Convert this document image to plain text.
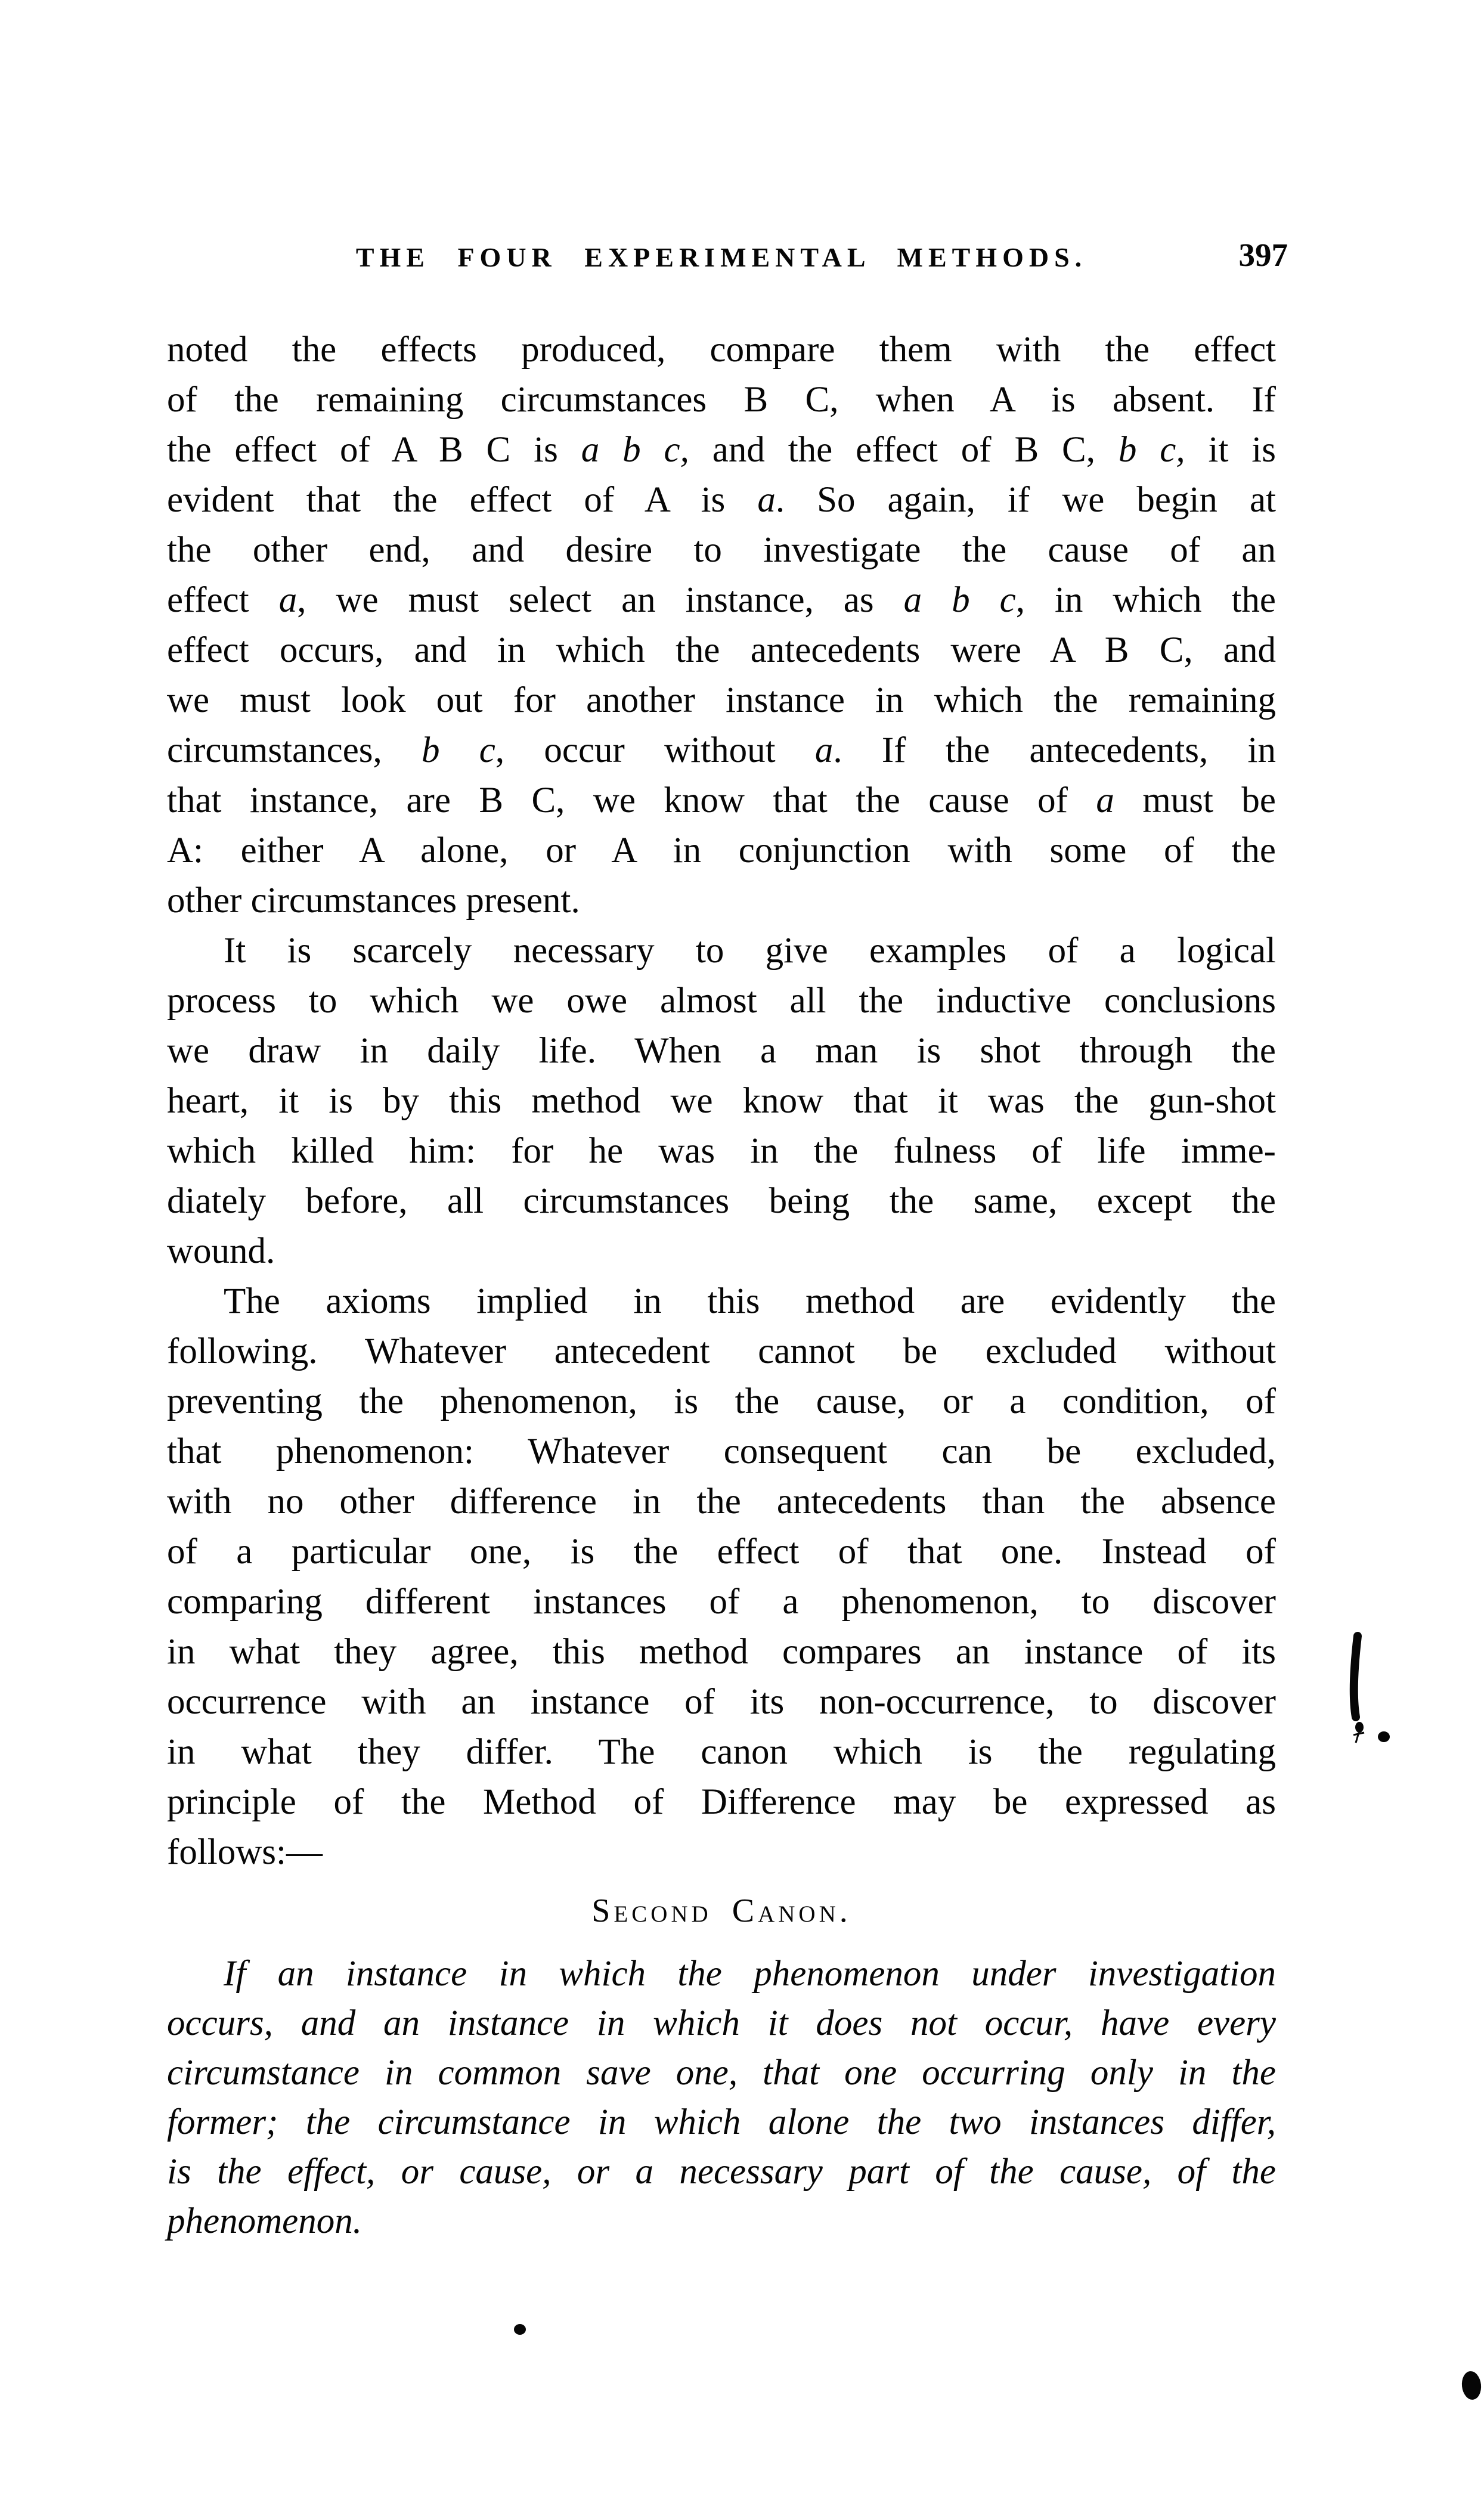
THE FOUR EXPERIMENTAL METHODS.	397
noted the effects produced, compare them with the effect
of the remaining circumstances B C, when A is absent. If
the effect of A B C is a b c, and the effect of B C, b c, it is
evident that the effect of A is a. So again, if we begin at
the other end, and desire to investigate the cause of an
effect a, we must select an instance, as a b c, in which the
effect occurs, and in which the antecedents were A B C, and
we must look out for another instance in which the remaining
circumstances, b c, occur without a. If the antecedents, in
that instance, are B C, we know that the cause of a must be
A: either A alone, or A in conjunction with some of the
other circumstances present.
It is scarcely necessary to give examples of a logical
process to which we owe almost all the inductive conclusions
we draw in daily life. When a man is shot through the
heart, it is by this method we know that it was the gun-shot
which killed him: for he was in the fulness of life imme-
diately before, all circumstances being the same, except the
wound.
The axioms implied in this method are evidently the
following. Whatever antecedent cannot be excluded without
preventing the phenomenon, is the cause, or a condition, of
that phenomenon: Whatever consequent can be excluded,
with no other difference in the antecedents than the absence
of a particular one, is the effect of that one. Instead of
comparing different instances of a phenomenon, to discover
in what they agree, this method compares an instance of its
occurrence with an instance of its non-occurrence, to discover
in what they differ. The canon which is the regulating
principle of the Method of Difference may be expressed as
follows:—
Second Canon.
If an instance in which the phenomenon under investigation
occurs, and an instance in which it does not occur, have every
circumstance in common save one, that one occurring only in the
former; the circumstance in which alone the two instances differ,
is the effect, or cause, or a necessary part of the cause, of the
phenomenon.
